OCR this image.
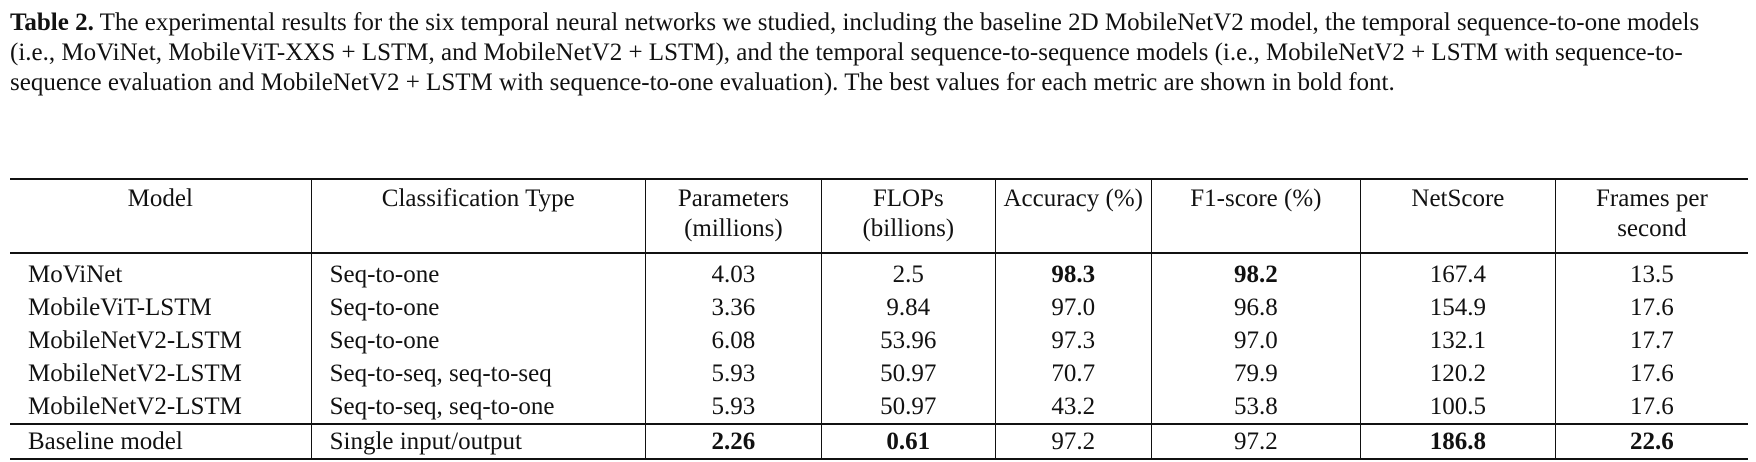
Table 2. The experimental results for the six temporal neural networks we studied, including the baseline 2D MobileNetV2 model, the temporal sequence-to-one models (i.e., MoViNet, MobileViT-XXS + LSTM, and MobileNetV2 + LSTM), and the temporal sequence-to-sequence models (i.e., MobileNetV2 + LSTM with sequence-to-sequence evaluation and MobileNetV2 + LSTM with sequence-to-one evaluation). The best values for each metric are shown in bold font.
Model	Classification Type	Parameters (millions)	FLOPs (billions)	Accuracy (%)	F1-score (%)	NetScore	Frames per second
MoViNet	Seq-to-one	4.03	2.5	98.3	98.2	167.4	13.5
MobileViT-LSTM	Seq-to-one	3.36	9.84	97.0	96.8	154.9	17.6
MobileNetV2-LSTM	Seq-to-one	6.08	53.96	97.3	97.0	132.1	17.7
MobileNetV2-LSTM	Seq-to-seq, seq-to-seq	5.93	50.97	70.7	79.9	120.2	17.6
MobileNetV2-LSTM	Seq-to-seq, seq-to-one	5.93	50.97	43.2	53.8	100.5	17.6
Baseline model	Single input/output	2.26	0.61	97.2	97.2	186.8	22.6
